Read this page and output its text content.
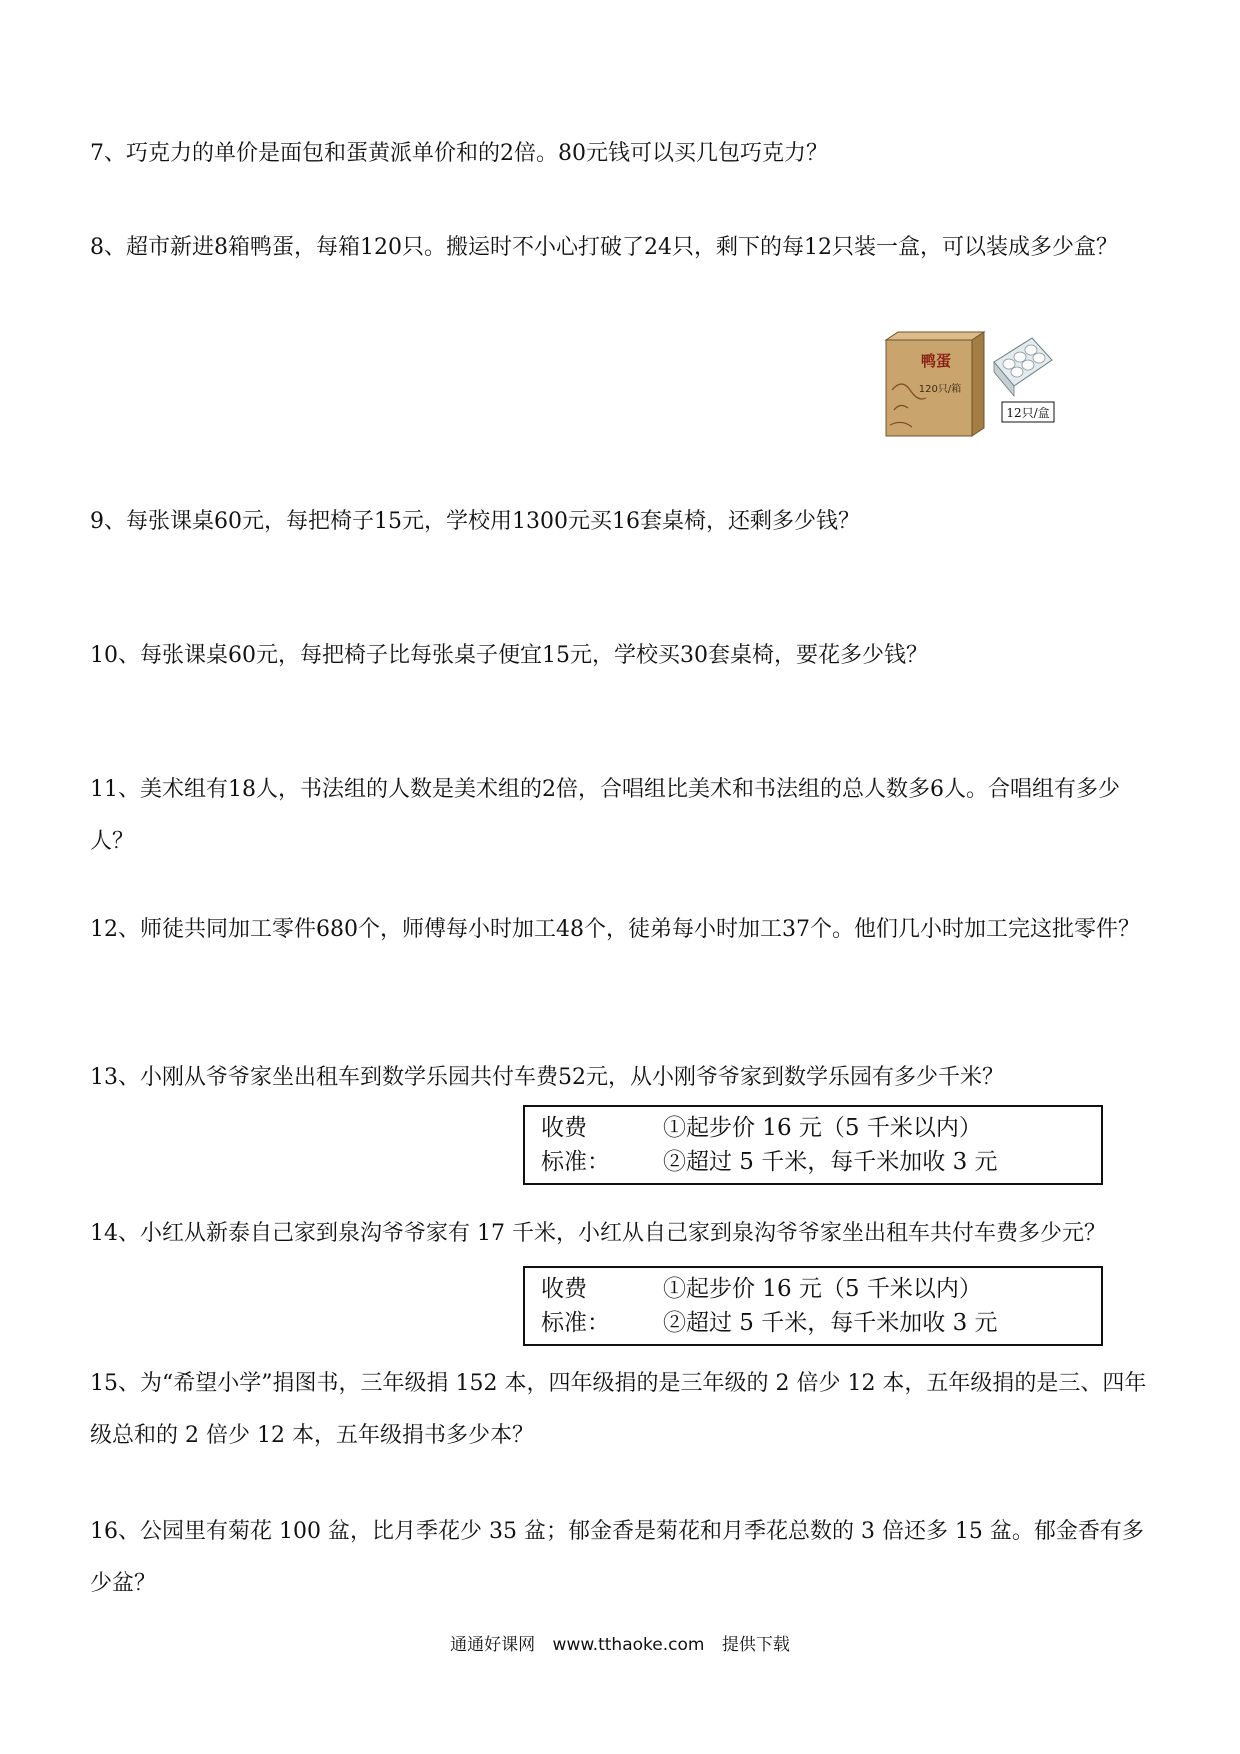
7、巧克力的单价是面包和蛋黄派单价和的2倍。80元钱可以买几包巧克力？

8、超市新进8箱鸭蛋，每箱120只。搬运时不小心打破了24只，剩下的每12只装一盒，可以装成多少盒？

鸭蛋
120只/箱
12只/盒

9、每张课桌60元，每把椅子15元，学校用1300元买16套桌椅，还剩多少钱？

10、每张课桌60元，每把椅子比每张桌子便宜15元，学校买30套桌椅，要花多少钱？

11、美术组有18人，书法组的人数是美术组的2倍，合唱组比美术和书法组的总人数多6人。合唱组有多少人？

12、师徒共同加工零件680个，师傅每小时加工48个，徒弟每小时加工37个。他们几小时加工完这批零件？

13、小刚从爷爷家坐出租车到数学乐园共付车费52元，从小刚爷爷家到数学乐园有多少千米？

收费
标准：
①起步价 16 元（5 千米以内）
②超过 5 千米，每千米加收 3 元

14、小红从新泰自己家到泉沟爷爷家有 17 千米，小红从自己家到泉沟爷爷家坐出租车共付车费多少元？

收费
标准：
①起步价 16 元（5 千米以内）
②超过 5 千米，每千米加收 3 元

15、为“希望小学”捐图书，三年级捐 152 本，四年级捐的是三年级的 2 倍少 12 本，五年级捐的是三、四年级总和的 2 倍少 12 本，五年级捐书多少本？

16、公园里有菊花 100 盆，比月季花少 35 盆；郁金香是菊花和月季花总数的 3 倍还多 15 盆。郁金香有多少盆？

通通好课网 www.tthaoke.com 提供下载
